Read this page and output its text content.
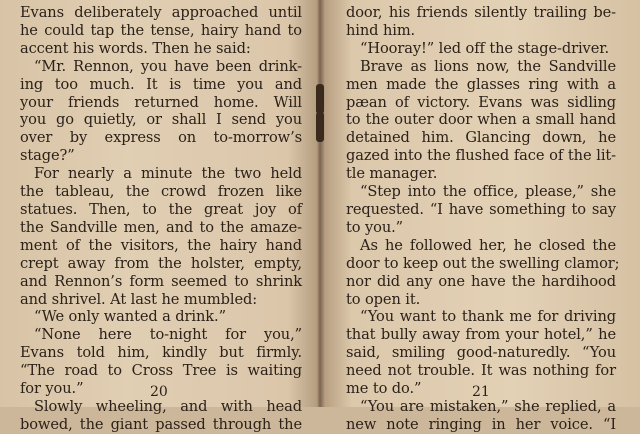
Evans deliberately approached until
he could tap the tense, hairy hand to
accent his words. Then he said:
“Mr. Rennon, you have been drink-
ing too much. It is time you and
your friends returned home. Will
you go quietly, or shall I send you
over by express on to-morrow’s
stage?”
For nearly a minute the two held
the tableau, the crowd frozen like
statues. Then, to the great joy of
the Sandville men, and to the amaze-
ment of the visitors, the hairy hand
crept away from the holster, empty,
and Rennon’s form seemed to shrink
and shrivel. At last he mumbled:
“We only wanted a drink.”
“None here to-night for you,”
Evans told him, kindly but firmly.
“The road to Cross Tree is waiting
for you.”
Slowly wheeling, and with head
bowed, the giant passed through the
20
door, his friends silently trailing be-
hind him.
“Hooray!” led off the stage-driver.
Brave as lions now, the Sandville
men made the glasses ring with a
pæan of victory. Evans was sidling
to the outer door when a small hand
detained him. Glancing down, he
gazed into the flushed face of the lit-
tle manager.
“Step into the office, please,” she
requested. “I have something to say
to you.”
As he followed her, he closed the
door to keep out the swelling clamor;
nor did any one have the hardihood
to open it.
“You want to thank me for driving
that bully away from your hotel,” he
said, smiling good-naturedly. “You
need not trouble. It was nothing for
me to do.”
“You are mistaken,” she replied, a
new note ringing in her voice. “I
21
